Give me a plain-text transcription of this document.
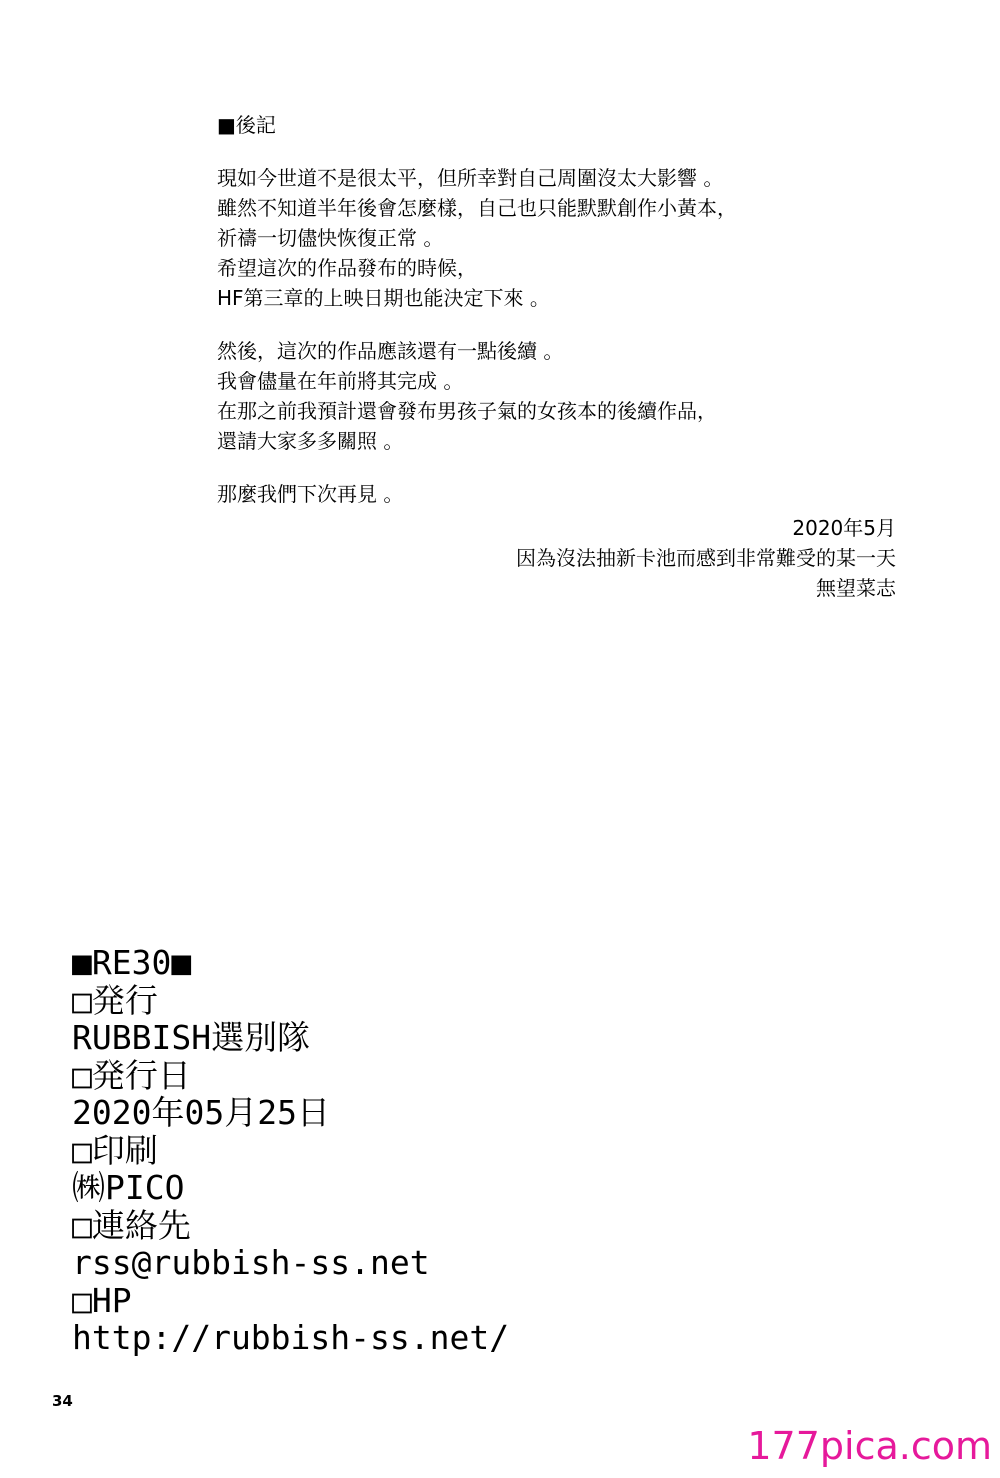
■後記
現如今世道不是很太平，但所幸對自己周圍沒太大影響 。
雖然不知道半年後會怎麼樣，自己也只能默默創作小黃本，
祈禱一切儘快恢復正常 。
希望這次的作品發布的時候，
HF第三章的上映日期也能決定下來 。
然後，這次的作品應該還有一點後續 。
我會儘量在年前將其完成 。
在那之前我預計還會發布男孩子氣的女孩本的後續作品，
還請大家多多關照 。
那麼我們下次再見 。
2020年5月
因為沒法抽新卡池而感到非常難受的某一天
無望菜志
■RE30■
□発行
RUBBISH選別隊
□発行日
2020年05月25日
□印刷
㈱PICO
□連絡先
rss@rubbish-ss.net
□HP
http://rubbish-ss.net/
34
177pica.com
